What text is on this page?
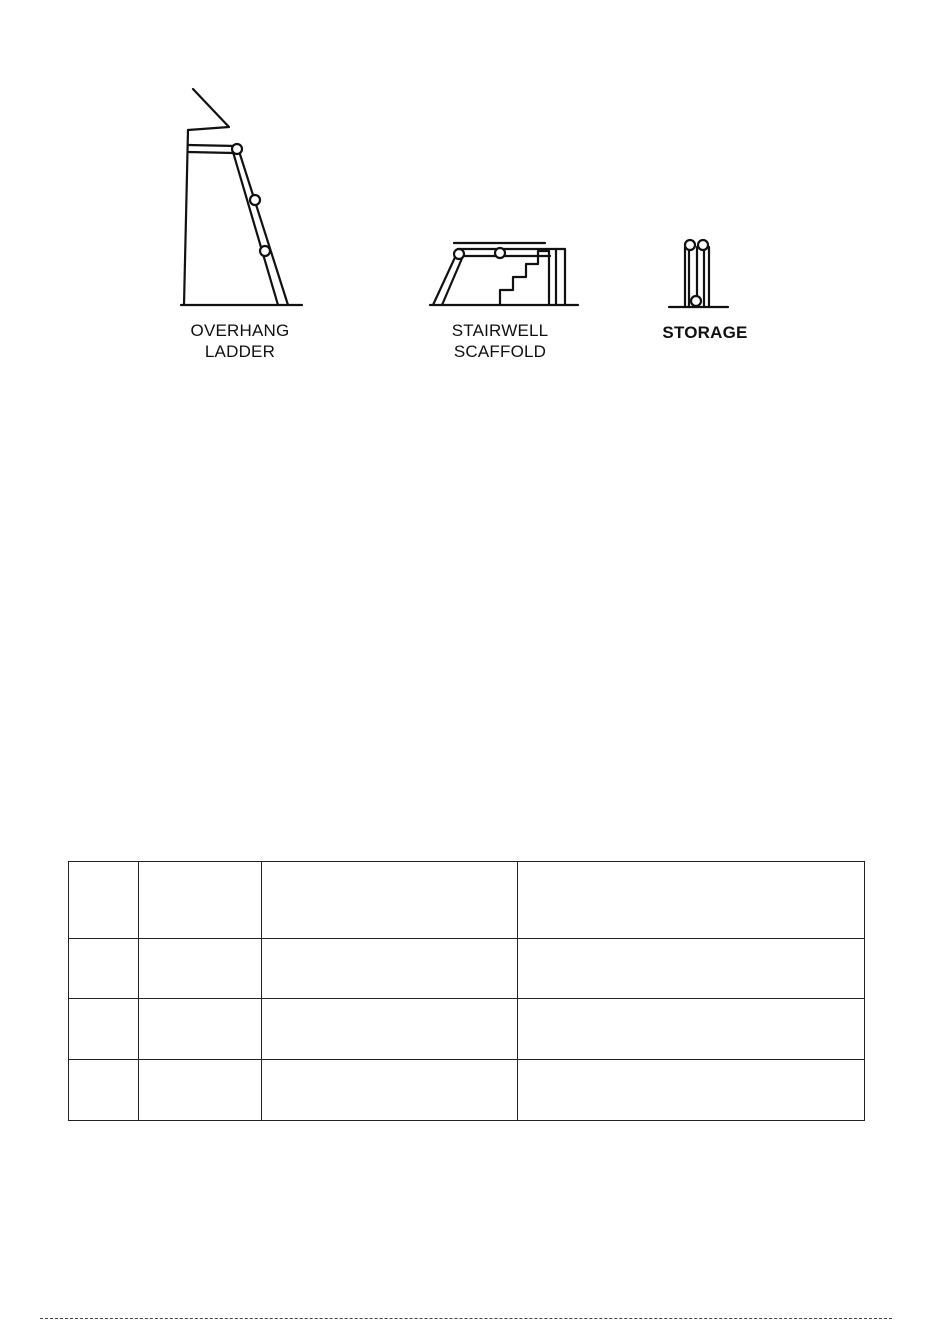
OVERHANG
LADDER
STAIRWELL
SCAFFOLD
STORAGE
